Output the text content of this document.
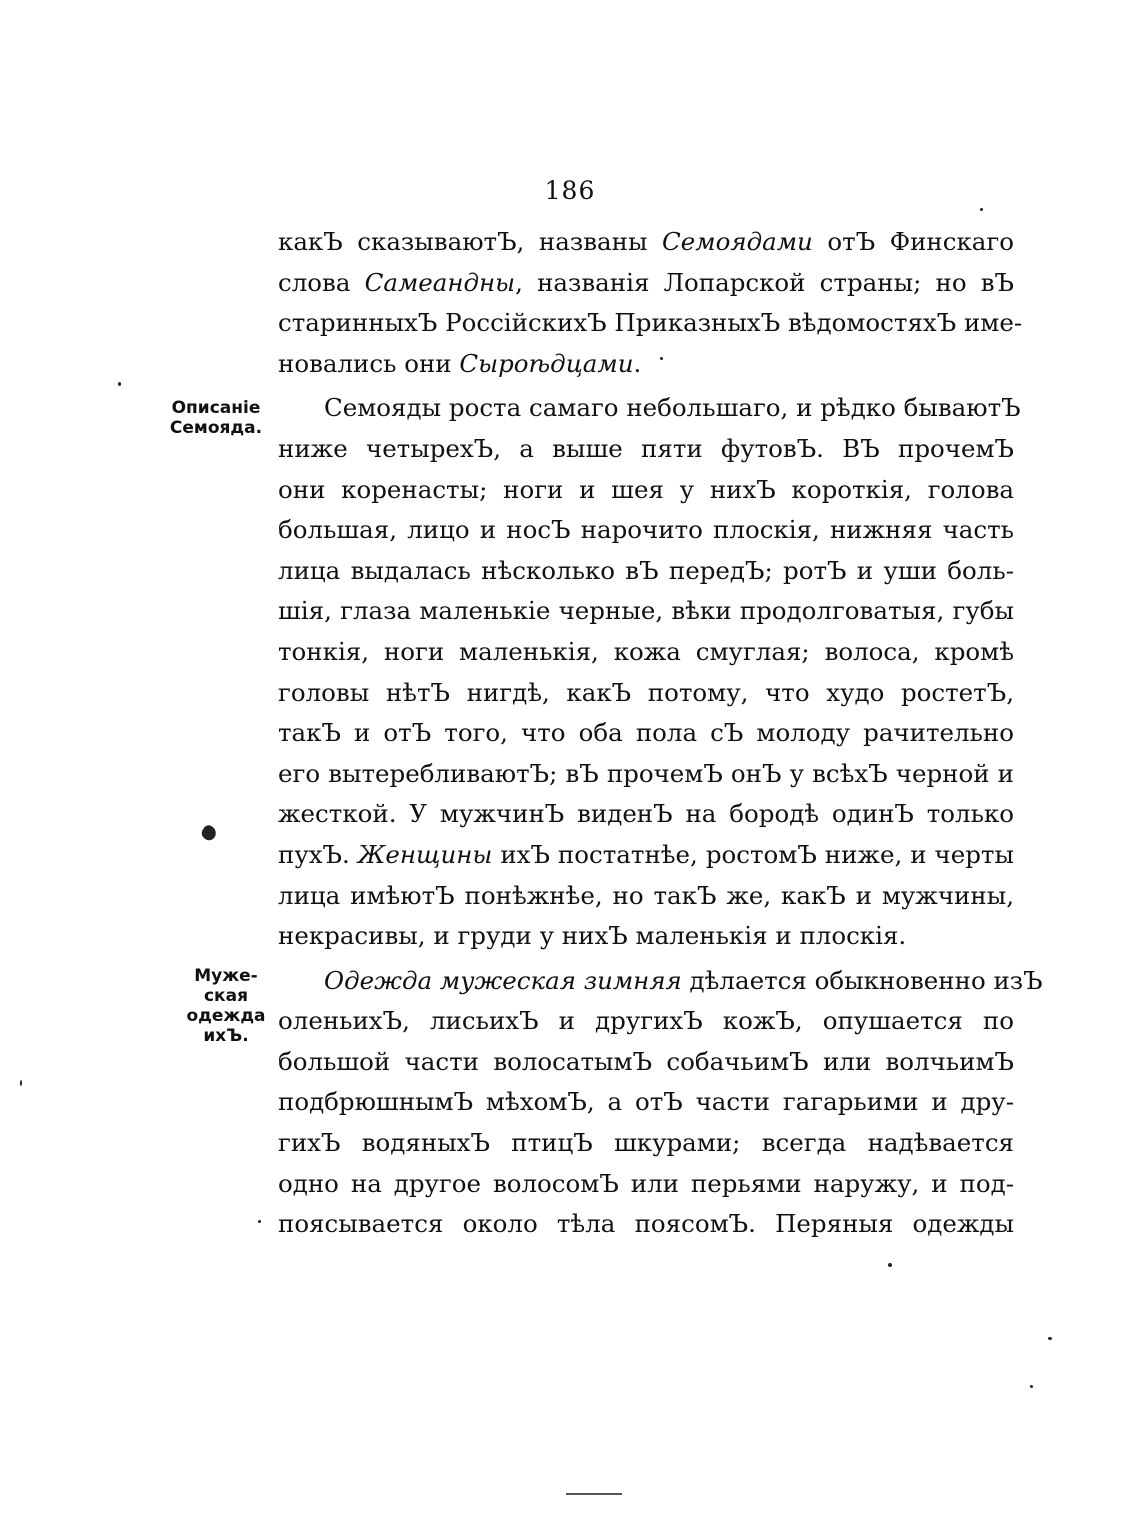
186
Описаніе
Семояда.
Муже-
ская
одежда
ихЪ.
какЪ сказываютЪ, названы Семоядами отЪ Финскаго
слова Самеандны, названія Лопарской страны; но вЪ
старинныхЪ РоссійскихЪ ПриказныхЪ вѣдомостяхЪ име-
новались они Сыроѣдцами.
Семояды роста самаго небольшаго, и рѣдко бываютЪ
ниже четырехЪ, а выше пяти футовЪ. ВЪ прочемЪ
они коренасты; ноги и шея у нихЪ короткія, голова
большая, лицо и носЪ нарочито плоскія, нижняя часть
лица выдалась нѣсколько вЪ передЪ; ротЪ и уши боль-
шія, глаза маленькіе черные, вѣки продолговатыя, губы
тонкія, ноги маленькія, кожа смуглая; волоса, кромѣ
головы нѣтЪ нигдѣ, какЪ потому, что худо ростетЪ,
такЪ и отЪ того, что оба пола сЪ молоду рачительно
его вытеребливаютЪ; вЪ прочемЪ онЪ у всѣхЪ черной и
жесткой. У мужчинЪ виденЪ на бородѣ одинЪ только
пухЪ. Женщины ихЪ постатнѣе, ростомЪ ниже, и черты
лица имѣютЪ понѣжнѣе, но такЪ же, какЪ и мужчины,
некрасивы, и груди у нихЪ маленькія и плоскія.
Одежда мужеская зимняя дѣлается обыкновенно изЪ
оленьихЪ, лисьихЪ и другихЪ кожЪ, опушается по
большой части волосатымЪ собачьимЪ или волчьимЪ
подбрюшнымЪ мѣхомЪ, а отЪ части гагарьими и дру-
гихЪ водяныхЪ птицЪ шкурами; всегда надѣвается
одно на другое волосомЪ или перьями наружу, и под-
поясывается около тѣла поясомЪ. Перяныя одежды
